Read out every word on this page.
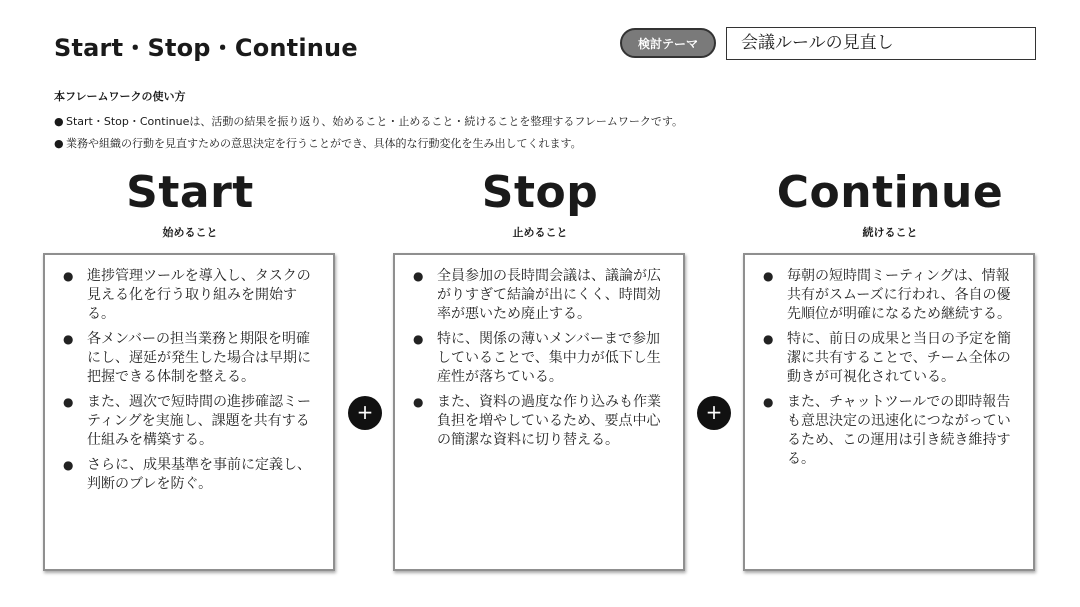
Start・Stop・Continue	検討テーマ	会議ルールの見直し
本フレームワークの使い方
● Start・Stop・Continueは、活動の結果を振り返り、始めること・止めること・続けることを整理するフレームワークです。
● 業務や組織の行動を見直すための意思決定を行うことができ、具体的な行動変化を生み出してくれます。
Start
始めること
Stop
止めること
Continue
続けること
● 進捗管理ツールを導入し、タスクの見える化を行う取り組みを開始する。
● 各メンバーの担当業務と期限を明確にし、遅延が発生した場合は早期に把握できる体制を整える。
● また、週次で短時間の進捗確認ミーティングを実施し、課題を共有する仕組みを構築する。
● さらに、成果基準を事前に定義し、判断のブレを防ぐ。
+
● 全員参加の長時間会議は、議論が広がりすぎて結論が出にくく、時間効率が悪いため廃止する。
● 特に、関係の薄いメンバーまで参加していることで、集中力が低下し生産性が落ちている。
● また、資料の過度な作り込みも作業負担を増やしているため、要点中心の簡潔な資料に切り替える。
+
● 毎朝の短時間ミーティングは、情報共有がスムーズに行われ、各自の優先順位が明確になるため継続する。
● 特に、前日の成果と当日の予定を簡潔に共有することで、チーム全体の動きが可視化されている。
● また、チャットツールでの即時報告も意思決定の迅速化につながっているため、この運用は引き続き維持する。
